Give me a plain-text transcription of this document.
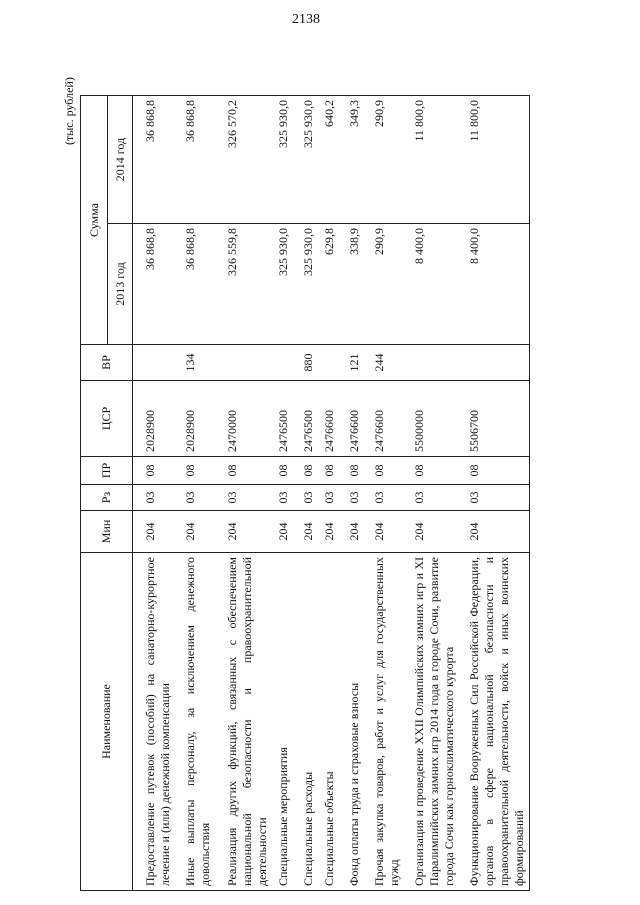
2138
(тыс. рублей)
Наименование	Мин	Рз	ПР	ЦСР	ВР	Сумма	
						2013 год	2014 год
Предоставление путевок (пособий) на санаторно-курортное лечение и (или) денежной компенсации	204	03	08	2028900		36 868,8	36 868,8
Иные выплаты персоналу, за исключением денежного довольствия	204	03	08	2028900	134	36 868,8	36 868,8
Реализация других функций, связанных с обеспечением национальной безопасности и правоохранительной деятельности	204	03	08	2470000		326 559,8	326 570,2
Специальные мероприятия	204	03	08	2476500		325 930,0	325 930,0
Специальные расходы	204	03	08	2476500	880	325 930,0	325 930,0
Специальные объекты	204	03	08	2476600		629,8	640,2
Фонд оплаты труда и страховые взносы	204	03	08	2476600	121	338,9	349,3
Прочая закупка товаров, работ и услуг для государственных нужд	204	03	08	2476600	244	290,9	290,9
Организация и проведение XXII Олимпийских зимних игр и XI Паралимпийских зимних игр 2014 года в городе Сочи, развитие города Сочи как горноклиматического курорта	204	03	08	5500000		8 400,0	11 800,0
Функционирование Вооруженных Сил Российской Федерации, органов в сфере национальной безопасности и правоохранительной деятельности, войск и иных воинских формирований	204	03	08	5506700		8 400,0	11 800,0
